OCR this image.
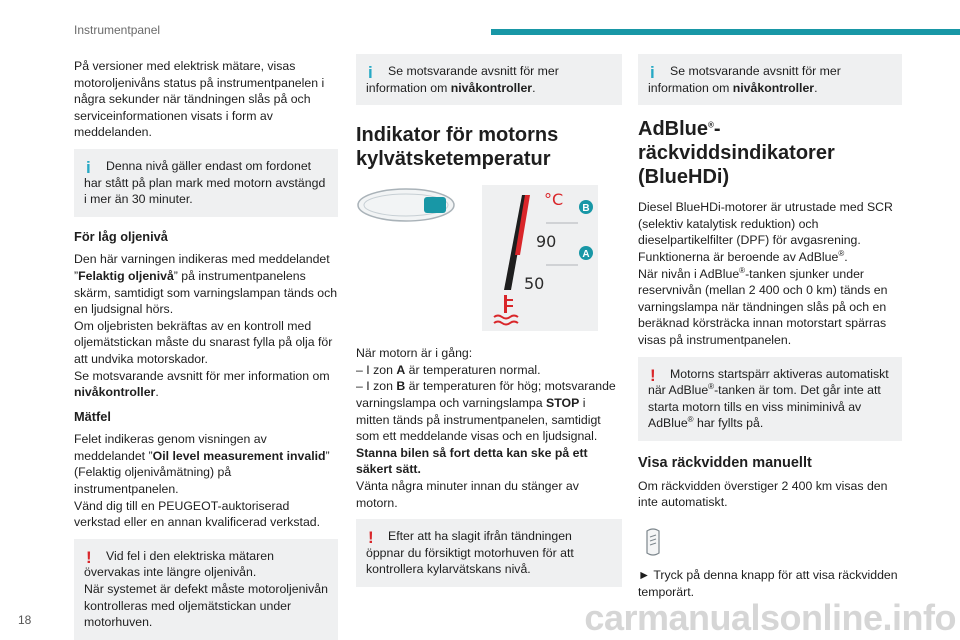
Instrumentpanel

På versioner med elektrisk mätare, visas motoroljenivåns status på instrumentpanelen i några sekunder när tändningen slås på och serviceinformationen visats i form av meddelanden.

i	Denna nivå gäller endast om fordonet har stått på plan mark med motorn avstängd i mer än 30 minuter.
För låg oljenivå

Den här varningen indikeras med meddelandet ”Felaktig oljenivå” på instrumentpanelens skärm, samtidigt som varningslampan tänds och en ljudsignal hörs.
Om oljebristen bekräftas av en kontroll med oljemätstickan måste du snarast fylla på olja för att undvika motorskador.
Se motsvarande avsnitt för mer information om nivåkontroller.

Mätfel

Felet indikeras genom visningen av meddelandet ”Oil level measurement invalid” (Felaktig oljenivåmätning) på instrumentpanelen.
Vänd dig till en PEUGEOT-auktoriserad verkstad eller en annan kvalificerad verkstad.

!	Vid fel i den elektriska mätaren övervakas inte längre oljenivån.
När systemet är defekt måste motoroljenivån kontrolleras med oljemätstickan under motorhuven.
i	Se motsvarande avsnitt för mer information om nivåkontroller.
Indikator för motorns kylvätsketemperatur
°C B
A
90
50

När motorn är i gång:
– I zon A är temperaturen normal.
– I zon B är temperaturen för hög; motsvarande varningslampa och varningslampa STOP i mitten tänds på instrumentpanelen, samtidigt som ett meddelande visas och en ljudsignal.
Stanna bilen så fort detta kan ske på ett säkert sätt.
Vänta några minuter innan du stänger av motorn.

!	Efter att ha slagit ifrån tändningen öppnar du försiktigt motorhuven för att kontrollera kylarvätskans nivå.
i	Se motsvarande avsnitt för mer information om nivåkontroller.
AdBlue®-räckviddsindikatorer (BlueHDi)

Diesel BlueHDi-motorer är utrustade med SCR (selektiv katalytisk reduktion) och dieselpartikelfilter (DPF) för avgasrening. Funktionerna är beroende av AdBlue®.
När nivån i AdBlue®-tanken sjunker under reservnivån (mellan 2 400 och 0 km) tänds en varningslampa när tändningen slås på och en beräknad körsträcka innan motorstart spärras visas på instrumentpanelen.

!	Motorns startspärr aktiveras automatiskt när AdBlue®-tanken är tom. Det går inte att starta motorn tills en viss miniminivå av AdBlue® har fyllts på.
Visa räckvidden manuellt

Om räckvidden överstiger 2 400 km visas den inte automatiskt.

► Tryck på denna knapp för att visa räckvidden temporärt.

18	carmanualsonline.info
